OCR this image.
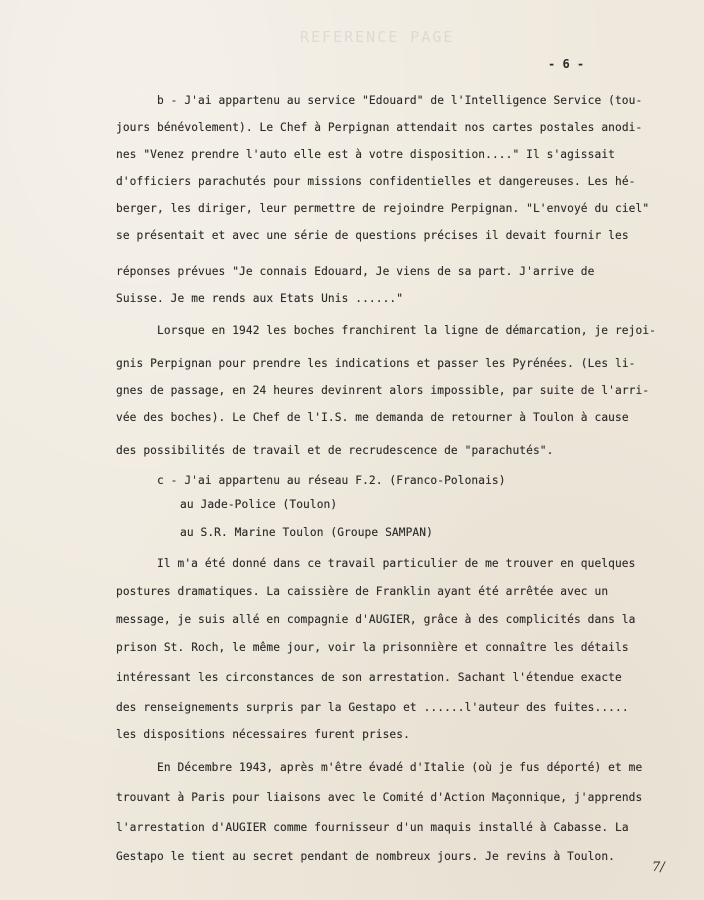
REFERENCE PAGE
- 6 -
b - J'ai appartenu au service "Edouard" de l'Intelligence Service (tou-
jours bénévolement). Le Chef à Perpignan attendait nos cartes postales anodi-
nes "Venez prendre l'auto elle est à votre disposition...." Il s'agissait
d'officiers parachutés pour missions confidentielles et dangereuses. Les hé-
berger, les diriger, leur permettre de rejoindre Perpignan. "L'envoyé du ciel"
se présentait et avec une série de questions précises il devait fournir les
réponses prévues "Je connais Edouard, Je viens de sa part. J'arrive de
Suisse. Je me rends aux Etats Unis ......"
Lorsque en 1942 les boches franchirent la ligne de démarcation, je rejoi-
gnis Perpignan pour prendre les indications et passer les Pyrénées. (Les li-
gnes de passage, en 24 heures devinrent alors impossible, par suite de l'arri-
vée des boches). Le Chef de l'I.S. me demanda de retourner à Toulon à cause
des possibilités de travail et de recrudescence de "parachutés".
c - J'ai appartenu au réseau F.2. (Franco-Polonais)
au Jade-Police (Toulon)
au S.R. Marine Toulon (Groupe SAMPAN)
Il m'a été donné dans ce travail particulier de me trouver en quelques
postures dramatiques. La caissière de Franklin ayant été arrêtée avec un
message, je suis allé en compagnie d'AUGIER, grâce à des complicités dans la
prison St. Roch, le même jour, voir la prisonnière et connaître les détails
intéressant les circonstances de son arrestation. Sachant l'étendue exacte
des renseignements surpris par la Gestapo et ......l'auteur des fuites.....
les dispositions nécessaires furent prises.
En Décembre 1943, après m'être évadé d'Italie (où je fus déporté) et me
trouvant à Paris pour liaisons avec le Comité d'Action Maçonnique, j'apprends
l'arrestation d'AUGIER comme fournisseur d'un maquis installé à Cabasse. La
Gestapo le tient au secret pendant de nombreux jours. Je revins à Toulon.
7/
